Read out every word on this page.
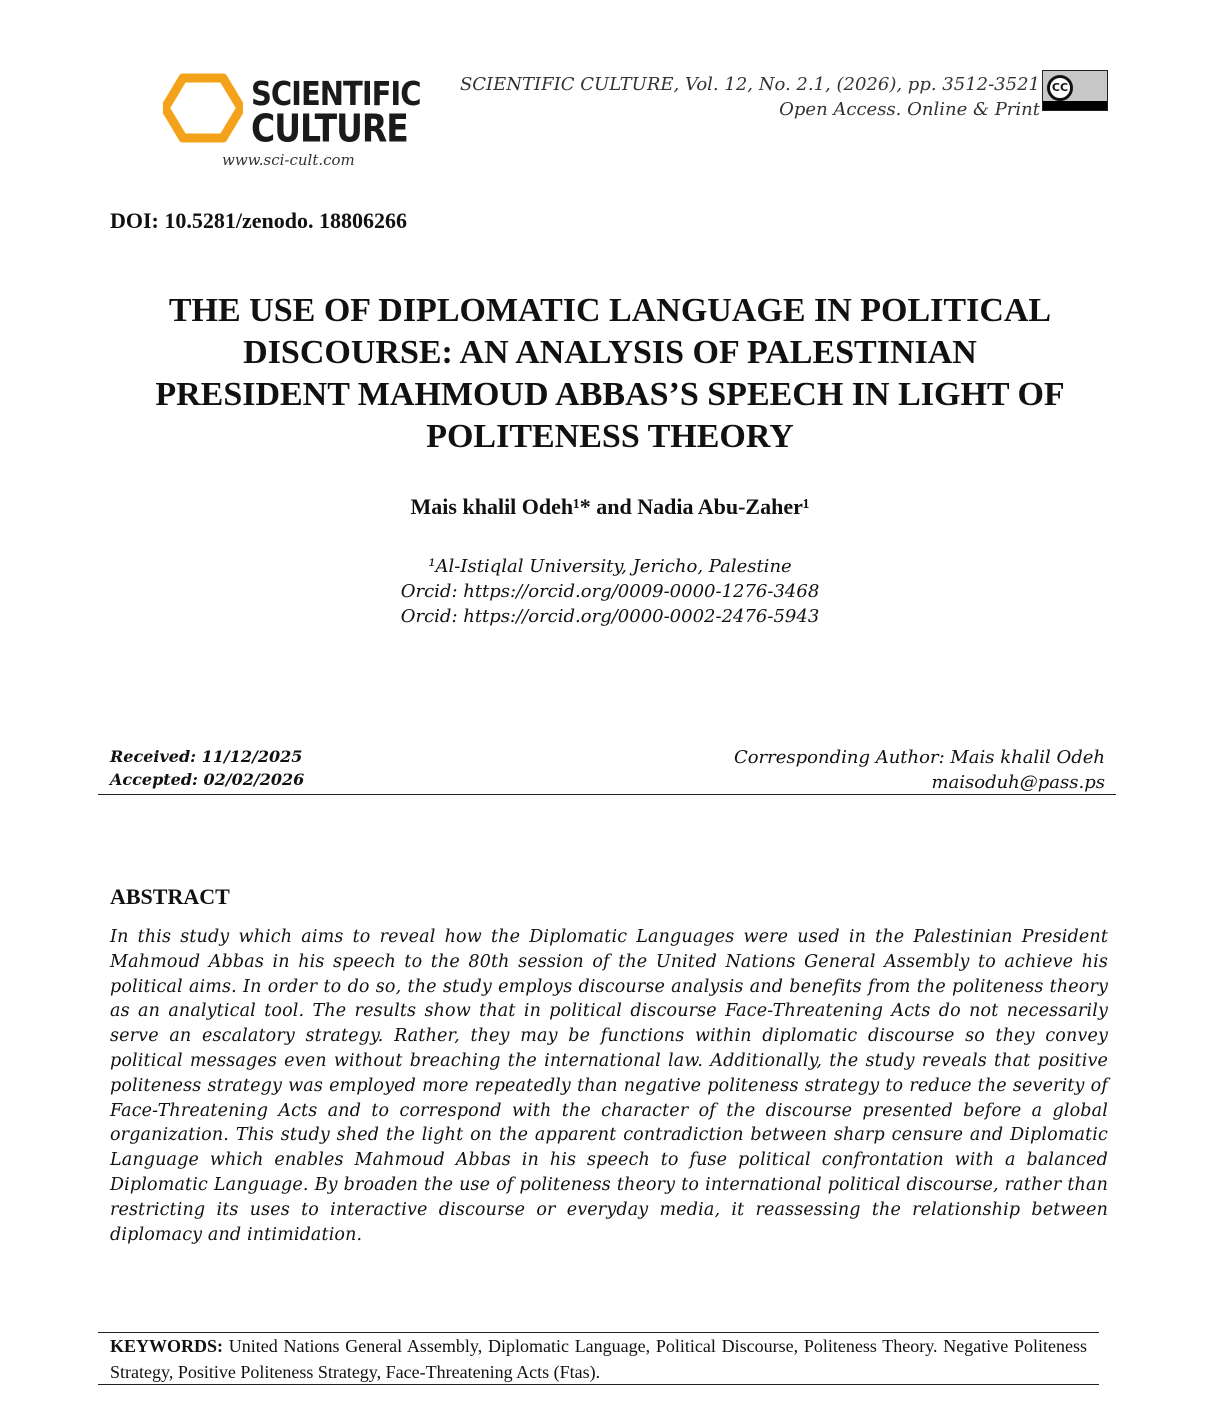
SCIENTIFIC
CULTURE
www.sci-cult.com
SCIENTIFIC CULTURE, Vol. 12, No. 2.1, (2026), pp. 3512-3521
Open Access. Online & Print
CC
DOI: 10.5281/zenodo. 18806266
THE USE OF DIPLOMATIC LANGUAGE IN POLITICAL
DISCOURSE: AN ANALYSIS OF PALESTINIAN
PRESIDENT MAHMOUD ABBAS’S SPEECH IN LIGHT OF
POLITENESS THEORY
Mais khalil Odeh¹* and Nadia Abu-Zaher¹
¹Al-Istiqlal University, Jericho, Palestine
Orcid: https://orcid.org/0009-0000-1276-3468
Orcid: https://orcid.org/0000-0002-2476-5943
Received: 11/12/2025
Accepted: 02/02/2026
Corresponding Author: Mais khalil Odeh
maisoduh@pass.ps
ABSTRACT
In this study which aims to reveal how the Diplomatic Languages were used in the Palestinian President Mahmoud Abbas in his speech to the 80th session of the United Nations General Assembly to achieve his political aims. In order to do so, the study employs discourse analysis and benefits from the politeness theory as an analytical tool. The results show that in political discourse Face-Threatening Acts do not necessarily serve an escalatory strategy. Rather, they may be functions within diplomatic discourse so they convey political messages even without breaching the international law. Additionally, the study reveals that positive politeness strategy was employed more repeatedly than negative politeness strategy to reduce the severity of Face-Threatening Acts and to correspond with the character of the discourse presented before a global organization. This study shed the light on the apparent contradiction between sharp censure and Diplomatic Language which enables Mahmoud Abbas in his speech to fuse political confrontation with a balanced Diplomatic Language. By broaden the use of politeness theory to international political discourse, rather than restricting its uses to interactive discourse or everyday media, it reassessing the relationship between diplomacy and intimidation.
KEYWORDS: United Nations General Assembly, Diplomatic Language, Political Discourse, Politeness Theory. Negative Politeness Strategy, Positive Politeness Strategy, Face-Threatening Acts (Ftas).
